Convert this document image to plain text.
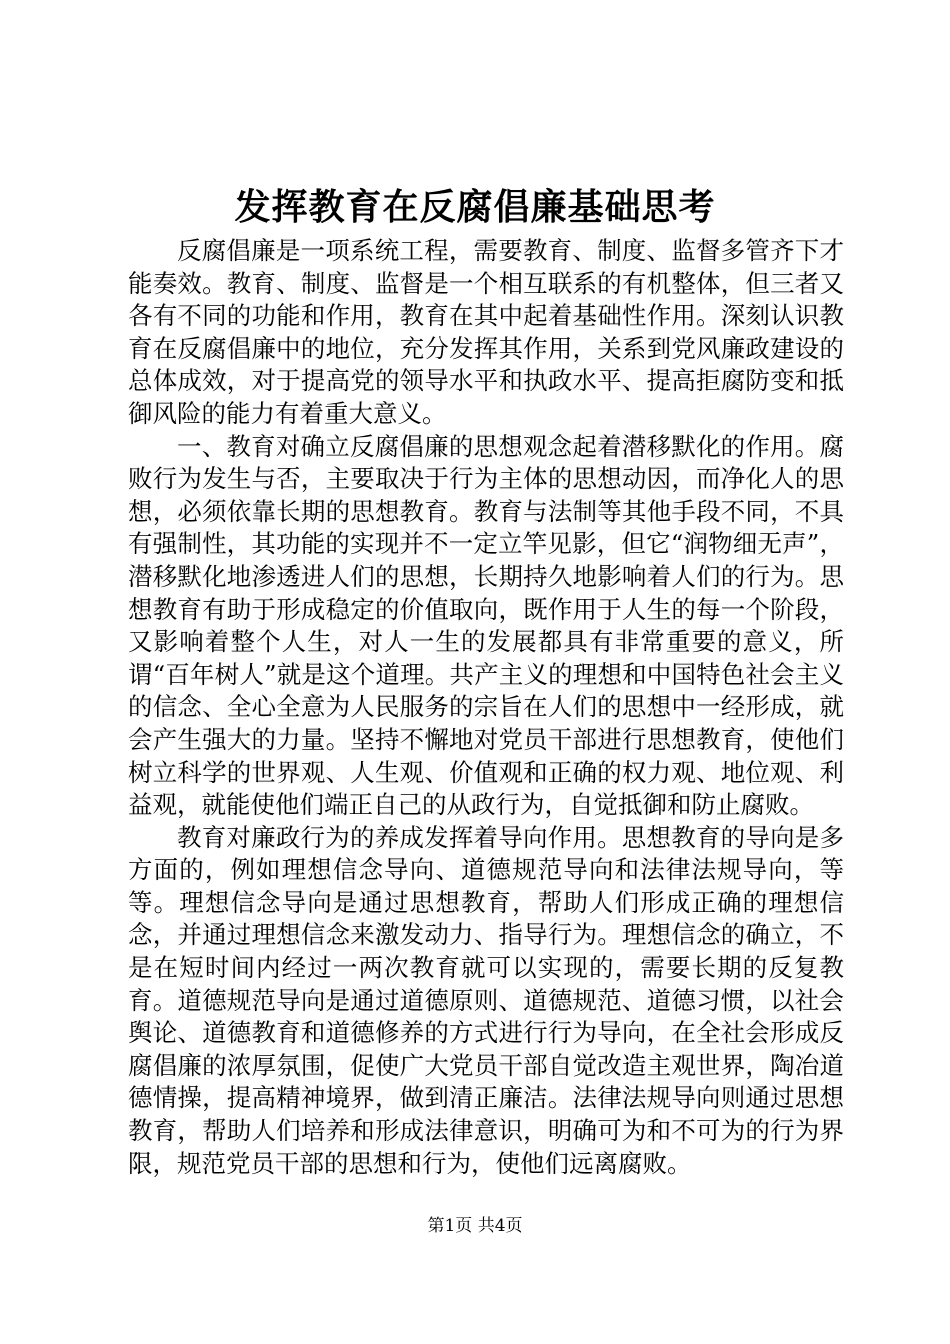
发挥教育在反腐倡廉基础思考

反腐倡廉是一项系统工程，需要教育、制度、监督多管齐下才能奏效。教育、制度、监督是一个相互联系的有机整体，但三者又各有不同的功能和作用，教育在其中起着基础性作用。深刻认识教育在反腐倡廉中的地位，充分发挥其作用，关系到党风廉政建设的总体成效，对于提高党的领导水平和执政水平、提高拒腐防变和抵御风险的能力有着重大意义。

一、教育对确立反腐倡廉的思想观念起着潜移默化的作用。腐败行为发生与否，主要取决于行为主体的思想动因，而净化人的思想，必须依靠长期的思想教育。教育与法制等其他手段不同，不具有强制性，其功能的实现并不一定立竿见影，但它“润物细无声”，潜移默化地渗透进人们的思想，长期持久地影响着人们的行为。思想教育有助于形成稳定的价值取向，既作用于人生的每一个阶段，又影响着整个人生，对人一生的发展都具有非常重要的意义，所谓“百年树人”就是这个道理。共产主义的理想和中国特色社会主义的信念、全心全意为人民服务的宗旨在人们的思想中一经形成，就会产生强大的力量。坚持不懈地对党员干部进行思想教育，使他们树立科学的世界观、人生观、价值观和正确的权力观、地位观、利益观，就能使他们端正自己的从政行为，自觉抵御和防止腐败。

教育对廉政行为的养成发挥着导向作用。思想教育的导向是多方面的，例如理想信念导向、道德规范导向和法律法规导向，等等。理想信念导向是通过思想教育，帮助人们形成正确的理想信念，并通过理想信念来激发动力、指导行为。理想信念的确立，不是在短时间内经过一两次教育就可以实现的，需要长期的反复教育。道德规范导向是通过道德原则、道德规范、道德习惯，以社会舆论、道德教育和道德修养的方式进行行为导向，在全社会形成反腐倡廉的浓厚氛围，促使广大党员干部自觉改造主观世界，陶冶道德情操，提高精神境界，做到清正廉洁。法律法规导向则通过思想教育，帮助人们培养和形成法律意识，明确可为和不可为的行为界限，规范党员干部的思想和行为，使他们远离腐败。

第1页 共4页
